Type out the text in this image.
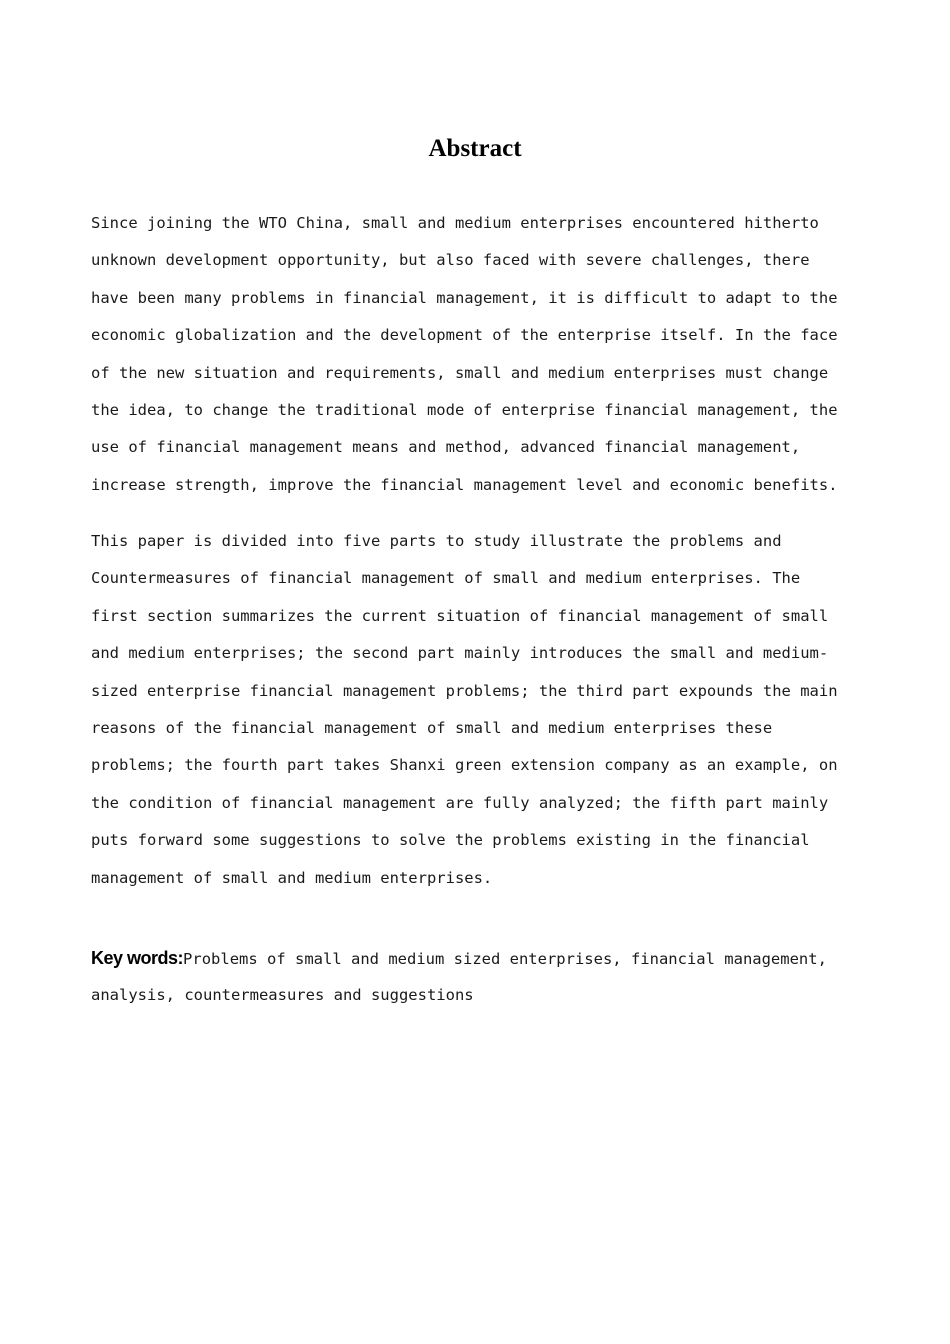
Abstract
Since joining the WTO China, small and medium enterprises encountered hitherto
unknown development opportunity, but also faced with severe challenges, there
have been many problems in financial management, it is difficult to adapt to the
economic globalization and the development of the enterprise itself. In the face
of the new situation and requirements, small and medium enterprises must change
the idea, to change the traditional mode of enterprise financial management, the
use of financial management means and method, advanced financial management,
increase strength, improve the financial management level and economic benefits.
This paper is divided into five parts to study illustrate the problems and
Countermeasures of financial management of small and medium enterprises. The
first section summarizes the current situation of financial management of small
and medium enterprises; the second part mainly introduces the small and medium-
sized enterprise financial management problems; the third part expounds the main
reasons of the financial management of small and medium enterprises these
problems; the fourth part takes Shanxi green extension company as an example, on
the condition of financial management are fully analyzed; the fifth part mainly
puts forward some suggestions to solve the problems existing in the financial
management of small and medium enterprises.
Key words:Problems of small and medium sized enterprises, financial management,
analysis, countermeasures and suggestions
